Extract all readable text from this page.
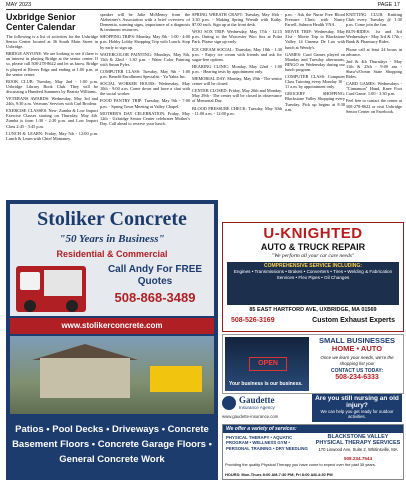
MAY 2023	PAGE 17
Uxbridge Senior Center Calendar

The following is a list of activities for the Uxbridge Senior Center located at 36 South Main Street in Uxbridge.

BRIDGE ANYONE: We are looking to see if there is an interest in playing Bridge at the senior center. If so, please call 508-278-8622 and let us know. Bridge is played at Rivers Edge and ending at 1:00 p.m. at the senior center.

BOOK CLUB: Tuesday, May 2nd - 1:00 p.m. Uxbridge Library Book Club. They will be discussing a Hundred Summers by Beatriz Williams.

VETERANS AWARDS: Wednesday, May 3rd and 24th, 9:30 a.m. Veterans' Services with Carl Brodeur.

EXERCISE CLASSES: New: Zumba & Low Impact Exercise Classes starting on Thursday, May 4th. Zumba is from 1:30 - 2:30 p.m. and Low Impact Class 2:45 - 3:45 p.m.

LUNCH & LEARN: Friday, May 5th - 12:00 p.m. Lunch & Learn with Chief Montaney.

speaker will be Julie McMenoy from the Alzheimer's Association with a brief overview of Dementia, warning signs, importance of a diagnosis & treatment resources.

SHOPPING TRIPS: Monday, May 8th - 1:00 - 4:00 p.m. Hobby Lobby Shopping Trip with Lunch. Stop by early to sign up.

WATERCOLOR PAINTING: Mondays, May 8th, 15th & 22nd - 1:30 p.m. - Water Color Painting with Susan Pyles.

COMPUTER CLASS: Tuesday, May 9th - 1:00 p.m. Benefit Enrollment Specialist - Yu Yahtz Inc.

SOCIAL WORKER HOURS: Wednesday, May 10th - 9:00 a.m. Come down and have a chat with the social worker.

FOOD PANTRY TRIP: Tuesday, May 9th - 7:00 p.m. - Spring Town Meeting at Valley Chapel.

MOTHER'S DAY CELEBRATION: Friday, May 12th - Uxbridge Senior Center celebrates Mother's Day. Call ahead to reserve your lunch.

SPRING WREATH CRAFT: Tuesday, May 16th - 3:30 p.m. - Making Spring Wreath with Kathy. $7.00 each. Sign up at the front desk.

WOO SOX TRIP: Wednesday, May 17th - 12:15 p.m. Outing to the Worcester Woo Sox at Polar Park. Please sign up early.

ICE CREAM SOCIAL: Thursday, May 18th - 1:30 p.m. - Enjoy ice cream with friends and ask for sugar-free options.

HEARING CLINIC: Monday, May 22nd - 1:00 p.m. - Hearing tests by appointment only.

MEMORIAL DAY: Monday, May 29th - The senior center will be closed.

CENTER CLOSED: Friday, May 26th and Monday, May 29th - The center will be closed in observance of Memorial Day.

BLOOD PRESSURE CHECK: Tuesday, May 30th - 11:00 a.m. - 12:00 p.m.

p.m. - Ask the Nurse Free Blood Pressure Clinic with Nancy Farrell, Salmon Health VNA.

MOVIE TRIP: Wednesday, May 31st - Movie Trip to Blackstone Valley 14 Cinema De Lux with lunch at Wendy's.

GAMES: Card Games played on Monday and Tuesday afternoons, BINGO on Wednesday during our lunch program.

COMPUTER CLASS: Computer Class Tutoring every Monday 10 - 11 a.m. by appointment only.

GROCERY SHOPPING: Blackstone Valley Shopping every Tuesday. Pick up begins at 8:30 a.m.

KNITTING CLUB: Knitting Club every Tuesday @ 1:30 p.m. Come join the fun.

RUN-RIDES: 1st and 3rd Wednesdays - May 3rd & 17th - Bank & Pharmacy Rides.

Phone call at least 24 hours in advance.

2nd & 4th Thursdays - May 11th & 25th - 9:00 am - Shaw's/Ocean State Shopping Rides.

CARD GAMES: Wednesdays - "Cinnamon" Hand, Knee Foot Card Game. 1:00 - 3:30 p.m.

Feel free to contact the center at 508-278-8622 or visit Uxbridge Senior Center on Facebook.

U-KNIGHTED
AUTO & TRUCK REPAIR
"We perform all your car care needs"
COMPREHENSIVE SERVICE INCLUDING:
Engines • Transmissions • Brakes • Converters • Tires • Welding & Fabrication Services • Flex Pipes • Oil Changes
85 EAST HARTFORD AVE, UXBRIDGE, MA 01569
508-526-3169	Custom Exhaust Experts
Stoliker Concrete
"50 Years in Business"
Residential & Commercial
Call Andy For FREE Quotes
508-868-3489
www.stolikerconcrete.com
Patios • Pool Decks • Driveways • Concrete Basement Floors • Concrete Garage Floors • General Concrete Work
OPEN
Your business is our business.
SMALL BUSINESSES
HOME • AUTO
Once we learn your needs, we're the shopping list you!
CONTACT US TODAY:
508-234-6333
Gaudette
Insurance Agency
www.gaudette-insurance.com
Are you still nursing an old injury?
We can help you get ready for outdoor activities.
We offer a variety of services:
PHYSICAL THERAPY • AQUATIC PROGRAM • WELLNESS GYM • PERSONAL TRAINING • DRY NEEDLING
BLACKSTONE VALLEY PHYSICAL THERAPY SERVICES
170 Linwood Ave, Suite 2, Whitinsville, MA
508.234.7544
Providing the quality Physical Therapy you have come to expect over the past 35 years.
HOURS: Mon-Thurs 8:00 AM-7:30 PM; Fri 8:00 AM-4:30 PM
